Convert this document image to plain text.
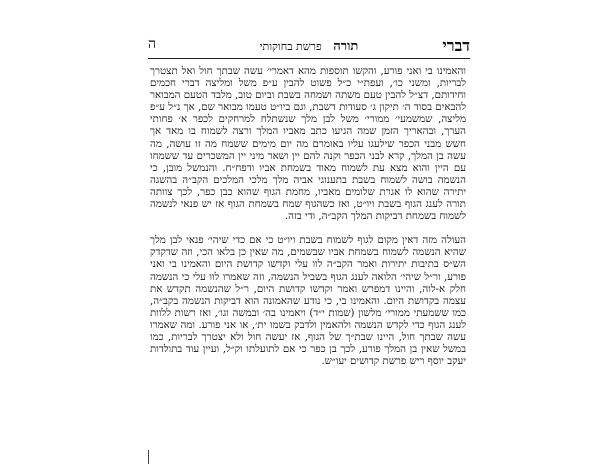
דברי
תורה פרשת בחוקותי
ה

והאמינו בי ואני פורע, והקשו תוספות מהא דאמרי׳ עשה שבתך חול ואל תצטרך לבריות, ומשני כו׳, ועפת״י כ״ל פשוט להבין ע״פ משל ומליצה דברי חכמים וחידותם, דצ״ל להבין טעם משתה ושמחה בשבת וביום טוב, מלבד הטעם המבואר להבאים בסוד ה׳ תיקון ג׳ סעודות דשבת, וגם ביו״ט טעמו מבואר שם, אך נ״ל ע״פ מליצה, שמשמעי׳ ממורי׳ משל לבן מלך שנשתלח למרחקים לכפר א׳ פחותי הערך, ובהאריך הזמן שמה הגיעו כתב מאביו המלך ורצה לשמוח בו מאד אך חשש מבני הכפר שילעגו עליו באומרם מה יום מימים ששמח מה זו עושה, מה עשה בן המלך, קרא לבני הכפר וקנה להם יין ושאר מיני יין המשכרים עד ששמחו עם היין והוא מצא עת לשמוח מאוד בשמחת אביו ודפח״ח. והנמשל מובן, כי הנשמה בושה לשמוח בשבת בתענוגי אביה מלך מלכי המלכים הקב״ה בהשגה יתירה שהוא לו אגרת שלומים מאביו, מחמת הגוף שהוא כבן כפר, לכך צוותה תורה לענג הגוף בשבת ויו״ט, ואז כשהגוף שמח בשמחת הגוף אז יש פנאי לנשמה לשמוח בשמחת דביקות המלך הקב״ה, ודי בזה.

העולה מזה דאין מקום לגוף לשמוח בשבת ויו״ט כי אם כדי שיהי׳ פנאי לבן מלך שהיא הנשמה לשמוח בשמחת אביו שבשמים, מה שאין כן בלאו הכי, וזה שדקדק הש״ס בתיבות יתירות ואמר הקב״ה לוו עלי וקדשו קדושת היום והאמינו בי ואני פורע, ור״ל שיהי׳ הלואה לענג הגוף בשביל הנשמה, וזה שאמרו לוו עלי כי הנשמה חלק א-לוה, והיינו דמפרש ואמר וקדשו קדושת היום, ר״ל שהנשמה תקדש את עצמה בקדושת היום. והאמינו בי, כי נודע שהאמונה הוא דביקות הנשמה בקב״ה, כמו ששמעתי ממורי׳ מלשון (שמות י״ד) ויאמינו בה׳ ובמשה וגו׳, ואז רשות ללוות לענג הגוף כדי לקדש הנשמה ולהאמין ולדבק בשמו ית׳, או אני פורע. ומה שאמרו עשה שבתך חול, היינו שבת״ך של הגוף, אז יעשה חול ולא יצטרך לבריות, כמו במשל שאין בן המלך פורע, לכך בן כפר כי אם לתועלתו וק״ל, ועיין עוד בתולדות יעקב יוסף ריש פרשת קדושים יעו״ש.
